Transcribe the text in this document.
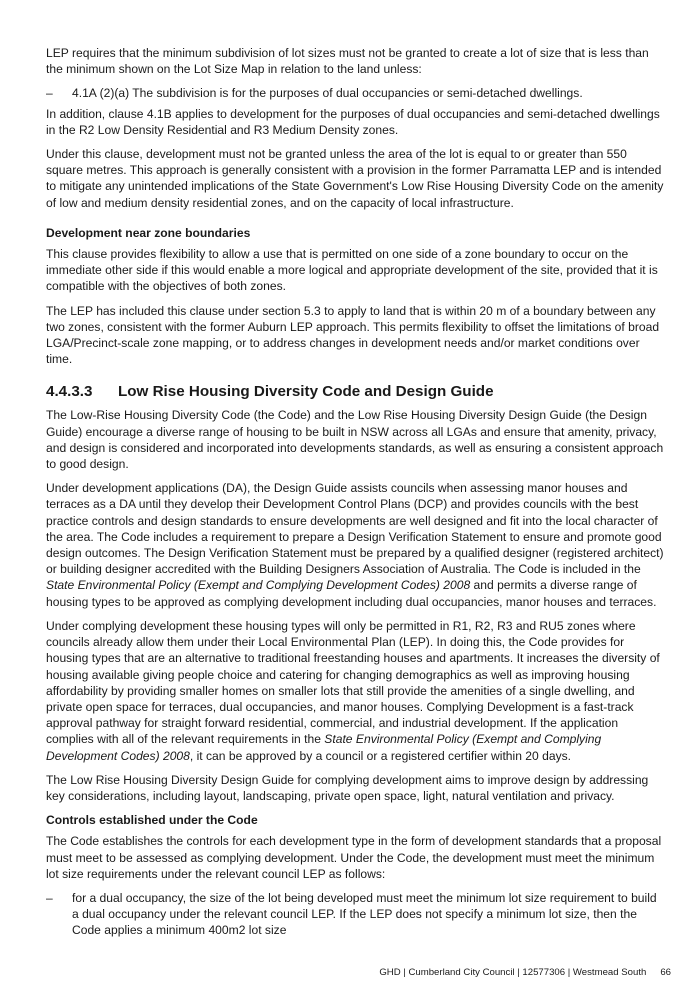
LEP requires that the minimum subdivision of lot sizes must not be granted to create a lot of size that is less than the minimum shown on the Lot Size Map in relation to the land unless:

–	4.1A (2)(a) The subdivision is for the purposes of dual occupancies or semi-detached dwellings.

In addition, clause 4.1B applies to development for the purposes of dual occupancies and semi-detached dwellings in the R2 Low Density Residential and R3 Medium Density zones.

Under this clause, development must not be granted unless the area of the lot is equal to or greater than 550 square metres. This approach is generally consistent with a provision in the former Parramatta LEP and is intended to mitigate any unintended implications of the State Government's Low Rise Housing Diversity Code on the amenity of low and medium density residential zones, and on the capacity of local infrastructure.

Development near zone boundaries

This clause provides flexibility to allow a use that is permitted on one side of a zone boundary to occur on the immediate other side if this would enable a more logical and appropriate development of the site, provided that it is compatible with the objectives of both zones.

The LEP has included this clause under section 5.3 to apply to land that is within 20 m of a boundary between any two zones, consistent with the former Auburn LEP approach. This permits flexibility to offset the limitations of broad LGA/Precinct-scale zone mapping, or to address changes in development needs and/or market conditions over time.

4.4.3.3	Low Rise Housing Diversity Code and Design Guide

The Low-Rise Housing Diversity Code (the Code) and the Low Rise Housing Diversity Design Guide (the Design Guide) encourage a diverse range of housing to be built in NSW across all LGAs and ensure that amenity, privacy, and design is considered and incorporated into developments standards, as well as ensuring a consistent approach to good design.

Under development applications (DA), the Design Guide assists councils when assessing manor houses and terraces as a DA until they develop their Development Control Plans (DCP) and provides councils with the best practice controls and design standards to ensure developments are well designed and fit into the local character of the area. The Code includes a requirement to prepare a Design Verification Statement to ensure and promote good design outcomes. The Design Verification Statement must be prepared by a qualified designer (registered architect) or building designer accredited with the Building Designers Association of Australia. The Code is included in the State Environmental Policy (Exempt and Complying Development Codes) 2008 and permits a diverse range of housing types to be approved as complying development including dual occupancies, manor houses and terraces.

Under complying development these housing types will only be permitted in R1, R2, R3 and RU5 zones where councils already allow them under their Local Environmental Plan (LEP). In doing this, the Code provides for housing types that are an alternative to traditional freestanding houses and apartments. It increases the diversity of housing available giving people choice and catering for changing demographics as well as improving housing affordability by providing smaller homes on smaller lots that still provide the amenities of a single dwelling, and private open space for terraces, dual occupancies, and manor houses. Complying Development is a fast-track approval pathway for straight forward residential, commercial, and industrial development. If the application complies with all of the relevant requirements in the State Environmental Policy (Exempt and Complying Development Codes) 2008, it can be approved by a council or a registered certifier within 20 days.

The Low Rise Housing Diversity Design Guide for complying development aims to improve design by addressing key considerations, including layout, landscaping, private open space, light, natural ventilation and privacy.

Controls established under the Code

The Code establishes the controls for each development type in the form of development standards that a proposal must meet to be assessed as complying development. Under the Code, the development must meet the minimum lot size requirements under the relevant council LEP as follows:

–	for a dual occupancy, the size of the lot being developed must meet the minimum lot size requirement to build a dual occupancy under the relevant council LEP. If the LEP does not specify a minimum lot size, then the Code applies a minimum 400m2 lot size
GHD | Cumberland City Council | 12577306 | Westmead South 66
